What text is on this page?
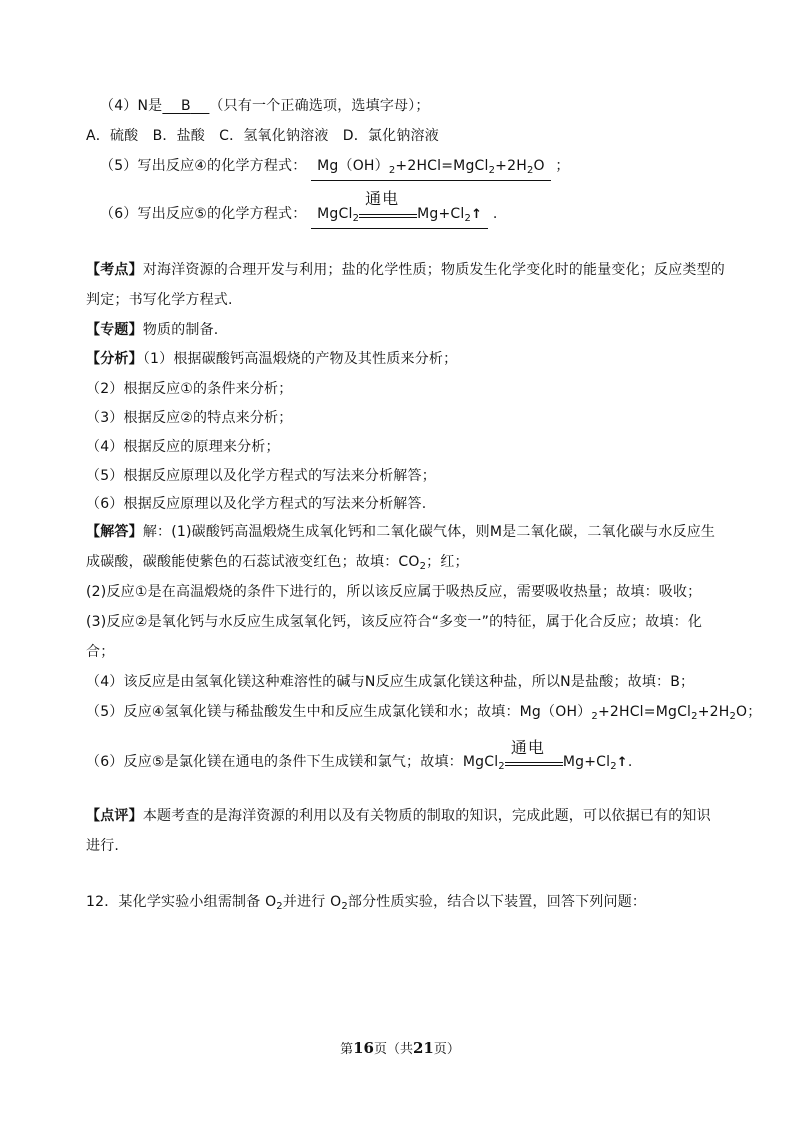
（4）N是 B （只有一个正确选项，选填字母）；
A．硫酸　B．盐酸　C．氢氧化钠溶液　D．氯化钠溶液
（5）写出反应④的化学方程式： $Mg(OH)_2+2HCl=MgCl_2+2H_2O$ ；
（6）写出反应⑤的化学方程式： MgCl$_2$
通电
$Mg+Cl_2↑$ .
【考点】对海洋资源的合理开发与利用；盐的化学性质；物质发生化学变化时的能量变化；反应类型的
判定；书写化学方程式.
【专题】物质的制备.
【分析】（1）根据碳酸钙高温煅烧的产物及其性质来分析；
（2）根据反应①的条件来分析；
（3）根据反应②的特点来分析；
（4）根据反应的原理来分析；
（5）根据反应原理以及化学方程式的写法来分析解答；
（6）根据反应原理以及化学方程式的写法来分析解答.
【解答】解：(1)碳酸钙高温煅烧生成氧化钙和二氧化碳气体，则M是二氧化碳，二氧化碳与水反应生
成碳酸，碳酸能使紫色的石蕊试液变红色；故填：$CO_2$；红；
(2)反应①是在高温煅烧的条件下进行的，所以该反应属于吸热反应，需要吸收热量；故填：吸收；
(3)反应②是氧化钙与水反应生成氢氧化钙，该反应符合“多变一”的特征，属于化合反应；故填：化
合；
（4）该反应是由氢氧化镁这种难溶性的碱与N反应生成氯化镁这种盐，所以N是盐酸；故填：B；
（5）反应④氢氧化镁与稀盐酸发生中和反应生成氯化镁和水；故填：$Mg(OH)_2+2HCl=MgCl_2+2H_2O$；
（6）反应⑤是氯化镁在通电的条件下生成镁和氯气；故填：MgCl$_2$
通电
$Mg+Cl_2↑$.
【点评】本题考查的是海洋资源的利用以及有关物质的制取的知识，完成此题，可以依据已有的知识
进行.
12．某化学实验小组需制备 $O_2$并进行 $O_2$部分性质实验，结合以下装置，回答下列问题：
第16页（共21页）
